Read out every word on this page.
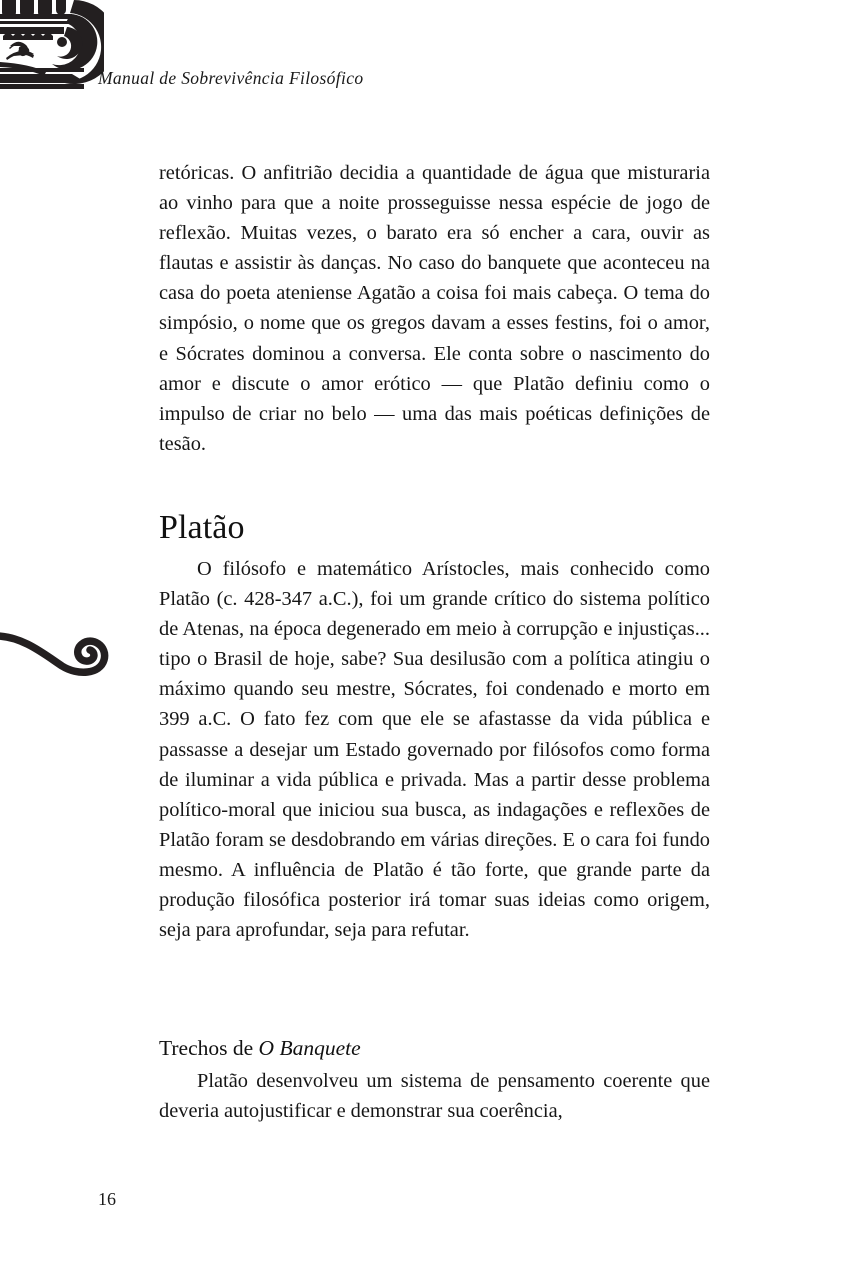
Manual de Sobrevivência Filosófico

retóricas. O anfitrião decidia a quantidade de água que misturaria ao vinho para que a noite prosseguisse nessa espécie de jogo de reflexão. Muitas vezes, o barato era só encher a cara, ouvir as flautas e assistir às danças. No caso do banquete que aconteceu na casa do poeta ateniense Agatão a coisa foi mais cabeça. O tema do simpósio, o nome que os gregos davam a esses festins, foi o amor, e Sócrates dominou a conversa. Ele conta sobre o nascimento do amor e discute o amor erótico — que Platão definiu como o impulso de criar no belo — uma das mais poéticas definições de tesão.

Platão

O filósofo e matemático Arístocles, mais conhecido como Platão (c. 428-347 a.C.), foi um grande crítico do sistema político de Atenas, na época degenerado em meio à corrupção e injustiças... tipo o Brasil de hoje, sabe? Sua desilusão com a política atingiu o máximo quando seu mestre, Sócrates, foi condenado e morto em 399 a.C. O fato fez com que ele se afastasse da vida pública e passasse a desejar um Estado governado por filósofos como forma de iluminar a vida pública e privada. Mas a partir desse problema político-moral que iniciou sua busca, as indagações e reflexões de Platão foram se desdobrando em várias direções. E o cara foi fundo mesmo. A influência de Platão é tão forte, que grande parte da produção filosófica posterior irá tomar suas ideias como origem, seja para aprofundar, seja para refutar.

Trechos de O Banquete

Platão desenvolveu um sistema de pensamento coerente que deveria autojustificar e demonstrar sua coerência,

16
